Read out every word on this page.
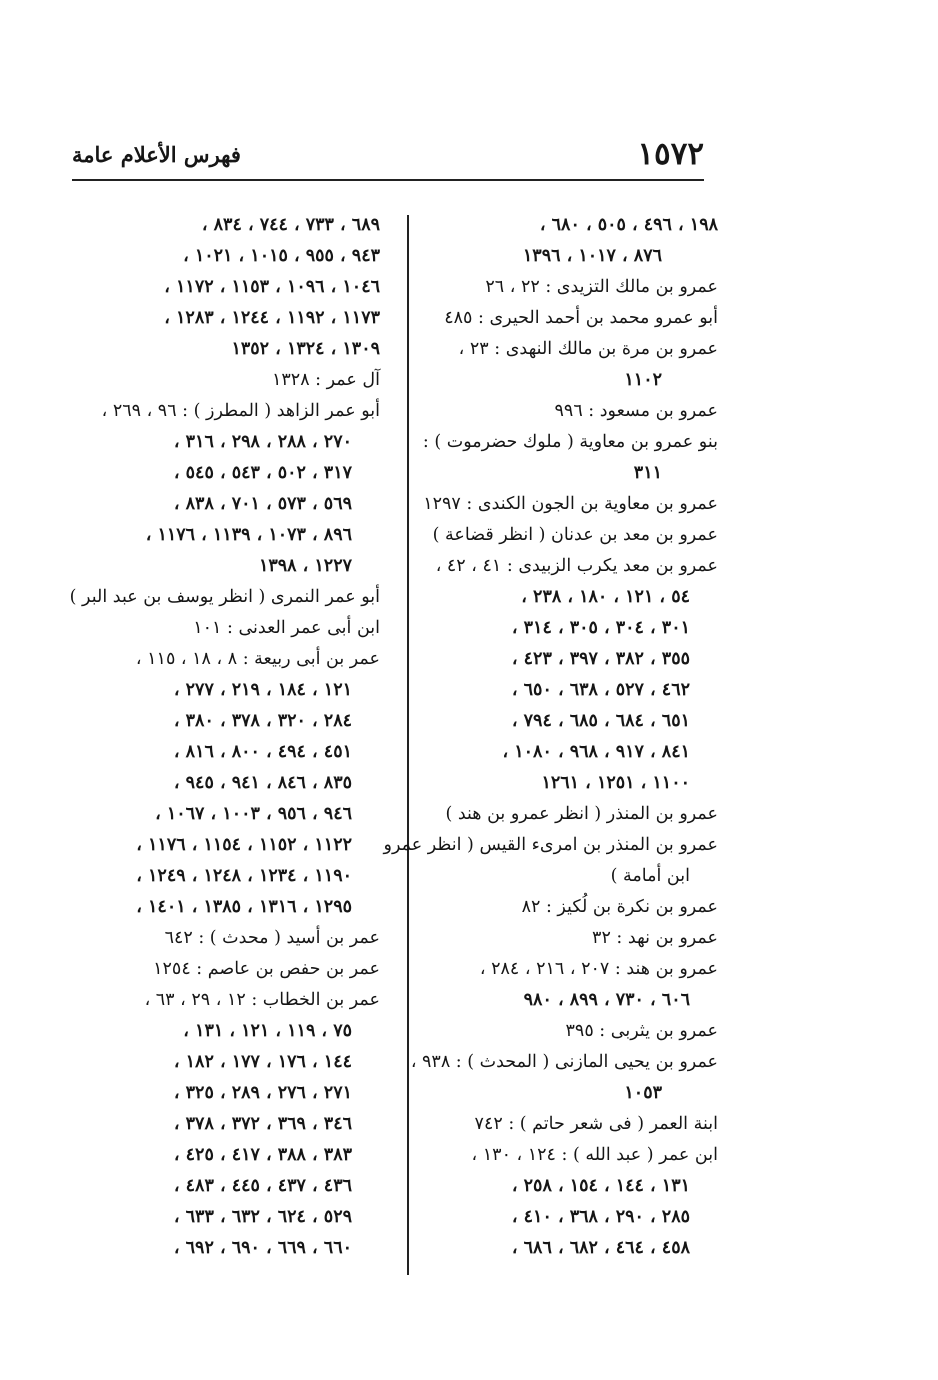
١٥٧٢
فهرس الأعلام عامة
١٩٨ ، ٤٩٦ ، ٥٠٥ ، ٦٨٠ ،
٨٧٦ ، ١٠١٧ ، ١٣٩٦
عمرو بن مالك التزيدى : ٢٢ ، ٢٦
أبو عمرو محمد بن أحمد الحيرى : ٤٨٥
عمرو بن مرة بن مالك النهدى : ٢٣ ،
١١٠٢
عمرو بن مسعود : ٩٩٦
بنو عمرو بن معاوية ( ملوك حضرموت ) :
٣١١
عمرو بن معاوية بن الجون الكندى : ١٢٩٧
عمرو بن معد بن عدنان ( انظر قضاعة )
عمرو بن معد يكرب الزبيدى : ٤١ ، ٤٢ ،
٥٤ ، ١٢١ ، ١٨٠ ، ٢٣٨ ،
٣٠١ ، ٣٠٤ ، ٣٠٥ ، ٣١٤ ،
٣٥٥ ، ٣٨٢ ، ٣٩٧ ، ٤٢٣ ،
٤٦٢ ، ٥٢٧ ، ٦٣٨ ، ٦٥٠ ،
٦٥١ ، ٦٨٤ ، ٦٨٥ ، ٧٩٤ ،
٨٤١ ، ٩١٧ ، ٩٦٨ ، ١٠٨٠ ،
١١٠٠ ، ١٢٥١ ، ١٢٦١
عمرو بن المنذر ( انظر عمرو بن هند )
عمرو بن المنذر بن امرىء القيس ( انظر عمرو
ابن أمامة )
عمرو بن نكرة بن لُكيز : ٨٢
عمرو بن نهد : ٣٢
عمرو بن هند : ٢٠٧ ، ٢١٦ ، ٢٨٤ ،
٦٠٦ ، ٧٣٠ ، ٨٩٩ ، ٩٨٠
عمرو بن يثربى : ٣٩٥
عمرو بن يحيى المازنى ( المحدث ) : ٩٣٨ ،
١٠٥٣
ابنة العمر ( فى شعر حاتم ) : ٧٤٢
ابن عمر ( عبد الله ) : ١٢٤ ، ١٣٠ ،
١٣١ ، ١٤٤ ، ١٥٤ ، ٢٥٨ ،
٢٨٥ ، ٢٩٠ ، ٣٦٨ ، ٤١٠ ،
٤٥٨ ، ٤٦٤ ، ٦٨٢ ، ٦٨٦ ،
٦٨٩ ، ٧٣٣ ، ٧٤٤ ، ٨٣٤ ،
٩٤٣ ، ٩٥٥ ، ١٠١٥ ، ١٠٢١ ،
١٠٤٦ ، ١٠٩٦ ، ١١٥٣ ، ١١٧٢ ،
١١٧٣ ، ١١٩٢ ، ١٢٤٤ ، ١٢٨٣ ،
١٣٠٩ ، ١٣٢٤ ، ١٣٥٢
آل عمر : ١٣٢٨
أبو عمر الزاهد ( المطرز ) : ٩٦ ، ٢٦٩ ،
٢٧٠ ، ٢٨٨ ، ٢٩٨ ، ٣١٦ ،
٣١٧ ، ٥٠٢ ، ٥٤٣ ، ٥٤٥ ،
٥٦٩ ، ٥٧٣ ، ٧٠١ ، ٨٣٨ ،
٨٩٦ ، ١٠٧٣ ، ١١٣٩ ، ١١٧٦ ،
١٢٢٧ ، ١٣٩٨
أبو عمر النمرى ( انظر يوسف بن عبد البر )
ابن أبى عمر العدنى : ١٠١
عمر بن أبى ربيعة : ٨ ، ١٨ ، ١١٥ ،
١٢١ ، ١٨٤ ، ٢١٩ ، ٢٧٧ ،
٢٨٤ ، ٣٢٠ ، ٣٧٨ ، ٣٨٠ ،
٤٥١ ، ٤٩٤ ، ٨٠٠ ، ٨١٦ ،
٨٣٥ ، ٨٤٦ ، ٩٤١ ، ٩٤٥ ،
٩٤٦ ، ٩٥٦ ، ١٠٠٣ ، ١٠٦٧ ،
١١٢٢ ، ١١٥٢ ، ١١٥٤ ، ١١٧٦ ،
١١٩٠ ، ١٢٣٤ ، ١٢٤٨ ، ١٢٤٩ ،
١٢٩٥ ، ١٣١٦ ، ١٣٨٥ ، ١٤٠١ ،
عمر بن أسيد ( محدث ) : ٦٤٢
عمر بن حفص بن عاصم : ١٢٥٤
عمر بن الخطاب : ١٢ ، ٢٩ ، ٦٣ ،
٧٥ ، ١١٩ ، ١٢١ ، ١٣١ ،
١٤٤ ، ١٧٦ ، ١٧٧ ، ١٨٢ ،
٢٧١ ، ٢٧٦ ، ٢٨٩ ، ٣٢٥ ،
٣٤٦ ، ٣٦٩ ، ٣٧٢ ، ٣٧٨ ،
٣٨٣ ، ٣٨٨ ، ٤١٧ ، ٤٢٥ ،
٤٣٦ ، ٤٣٧ ، ٤٤٥ ، ٤٨٣ ،
٥٢٩ ، ٦٢٤ ، ٦٣٢ ، ٦٣٣ ،
٦٦٠ ، ٦٦٩ ، ٦٩٠ ، ٦٩٢ ،
